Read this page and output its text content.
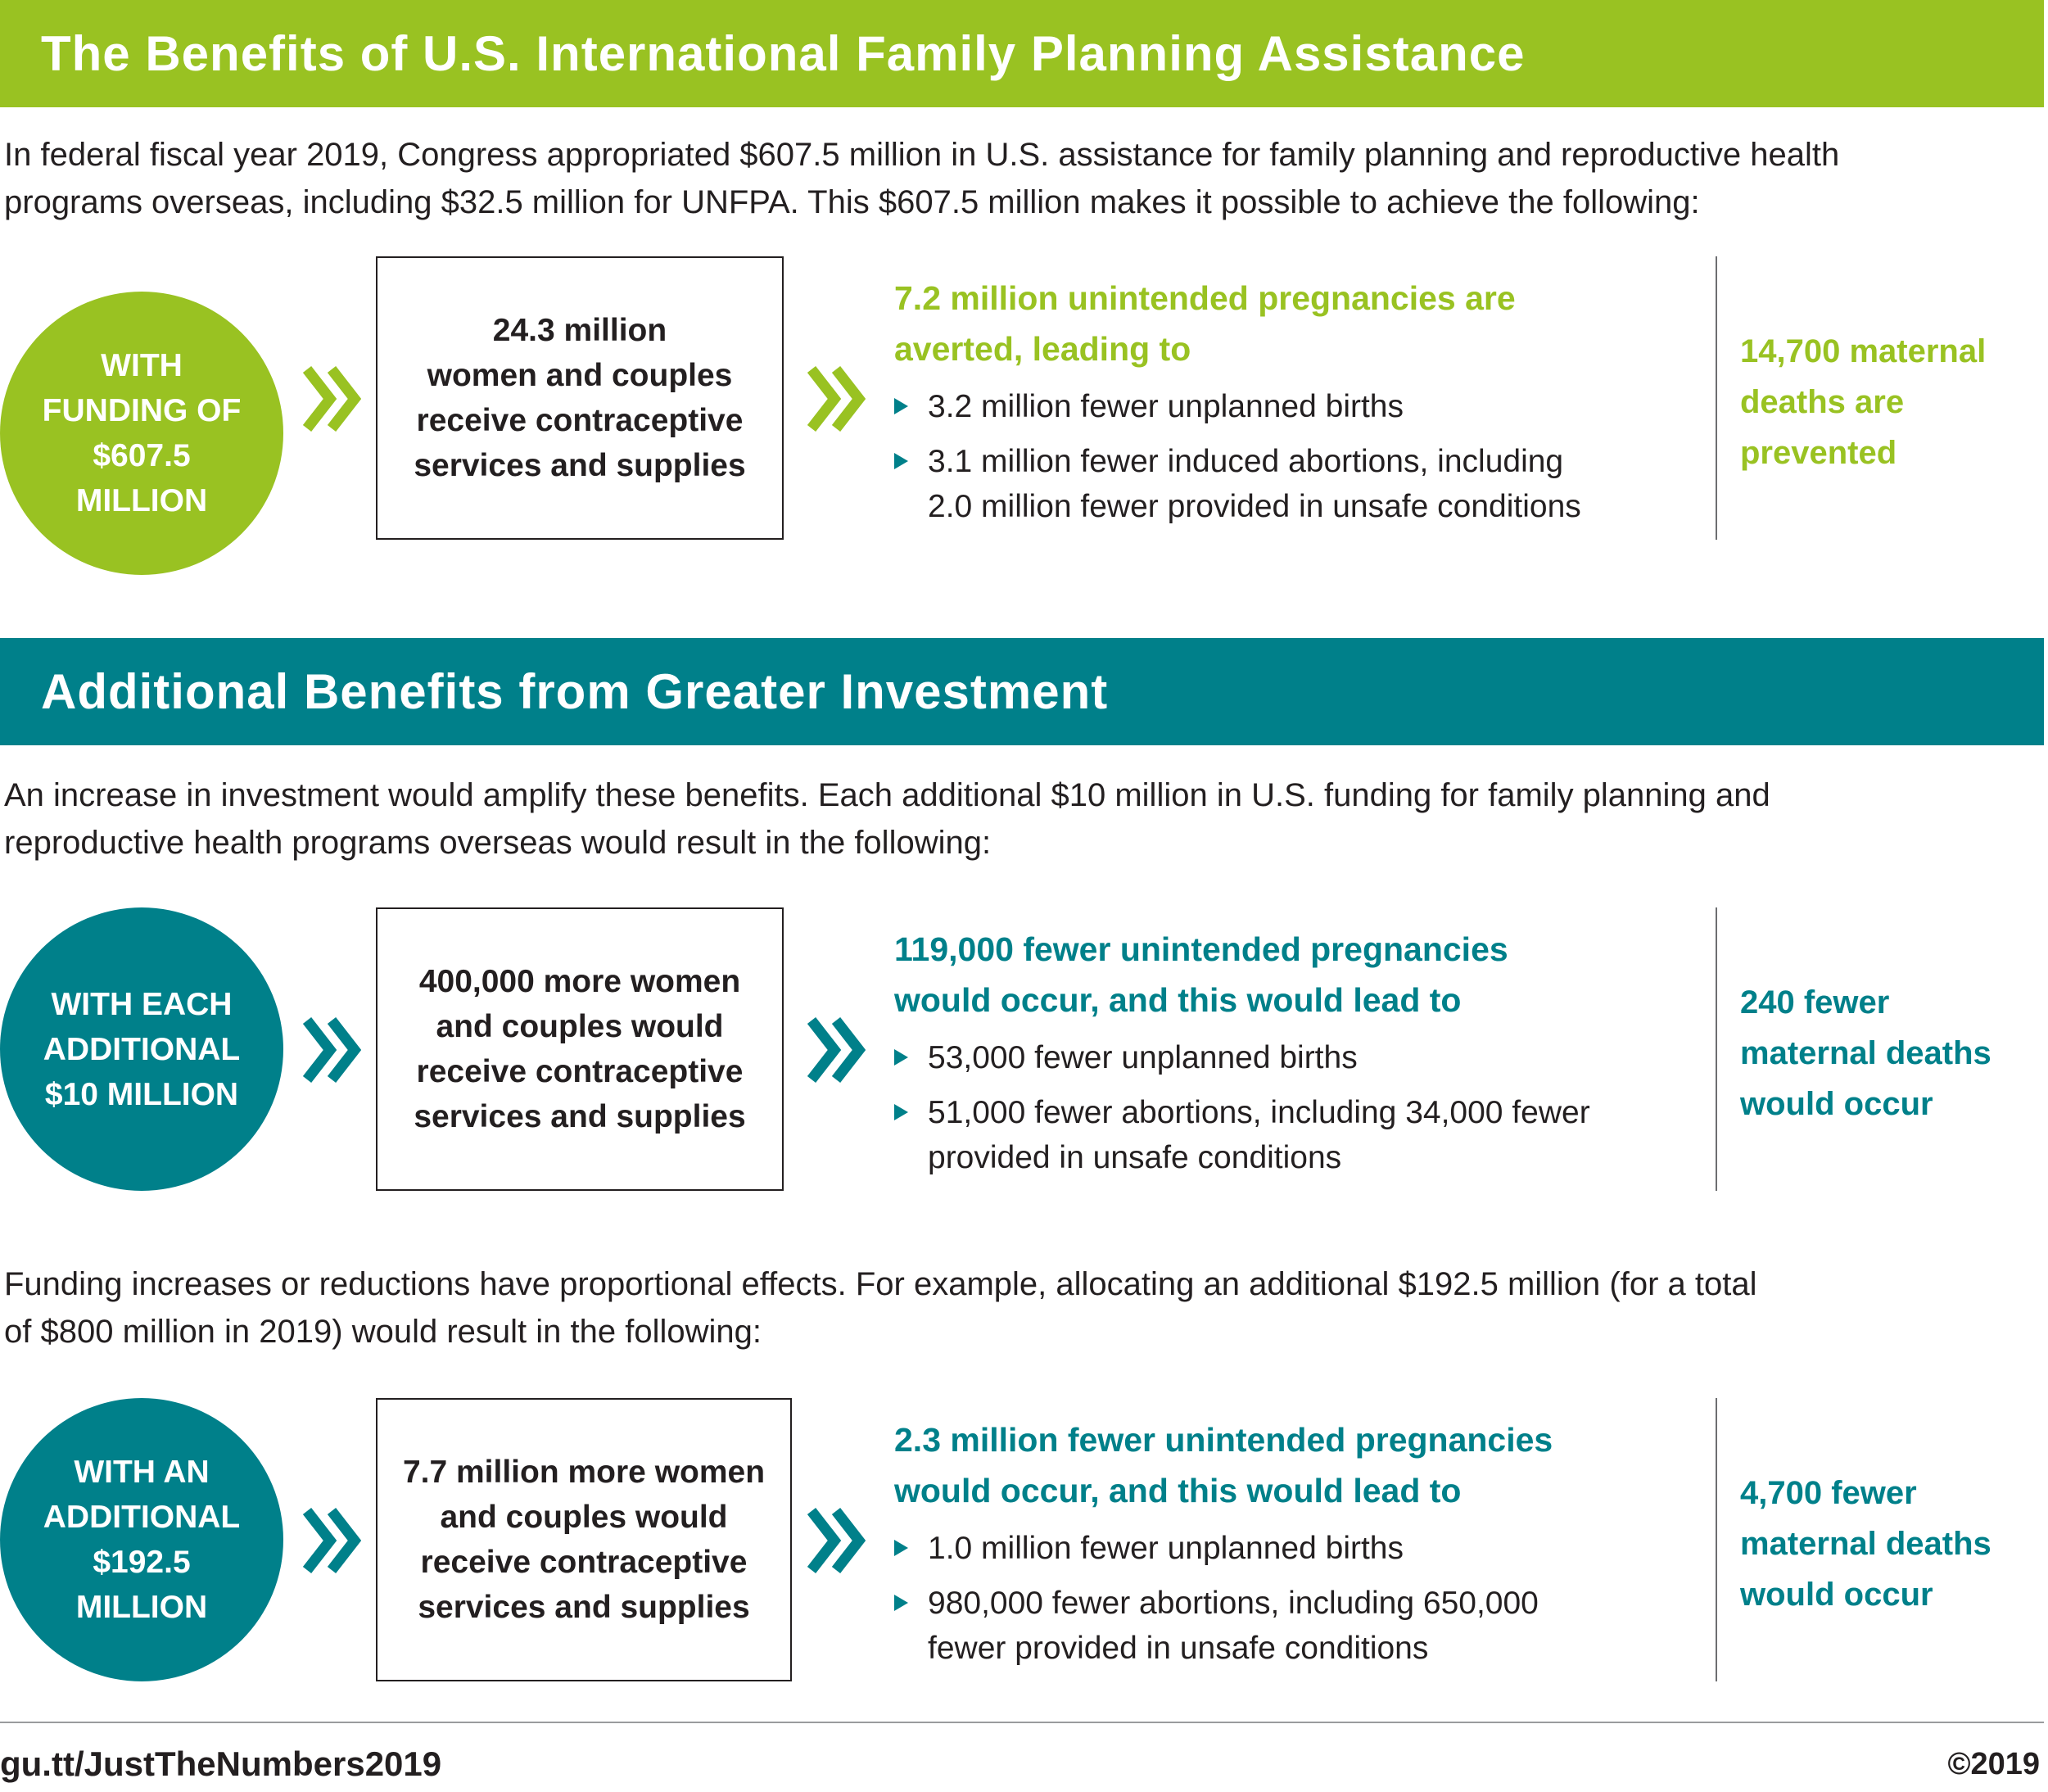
The Benefits of U.S. International Family Planning Assistance
In federal fiscal year 2019, Congress appropriated $607.5 million in U.S. assistance for family planning and reproductive health
programs overseas, including $32.5 million for UNFPA. This $607.5 million makes it possible to achieve the following:
WITH
FUNDING OF
$607.5
MILLION
24.3 million
women and couples
receive contraceptive
services and supplies
7.2 million unintended pregnancies are
averted, leading to
3.2 million fewer unplanned births
3.1 million fewer induced abortions, including
2.0 million fewer provided in unsafe conditions
14,700 maternal
deaths are
prevented
Additional Benefits from Greater Investment
An increase in investment would amplify these benefits. Each additional $10 million in U.S. funding for family planning and
reproductive health programs overseas would result in the following:
WITH EACH
ADDITIONAL
$10 MILLION
400,000 more women
and couples would
receive contraceptive
services and supplies
119,000 fewer unintended pregnancies
would occur, and this would lead to
53,000 fewer unplanned births
51,000 fewer abortions, including 34,000 fewer
provided in unsafe conditions
240 fewer
maternal deaths
would occur
Funding increases or reductions have proportional effects. For example, allocating an additional $192.5 million (for a total
of $800 million in 2019) would result in the following:
WITH AN
ADDITIONAL
$192.5
MILLION
7.7 million more women
and couples would
receive contraceptive
services and supplies
2.3 million fewer unintended pregnancies
would occur, and this would lead to
1.0 million fewer unplanned births
980,000 fewer abortions, including 650,000
fewer provided in unsafe conditions
4,700 fewer
maternal deaths
would occur
gu.tt/JustTheNumbers2019	©2019
